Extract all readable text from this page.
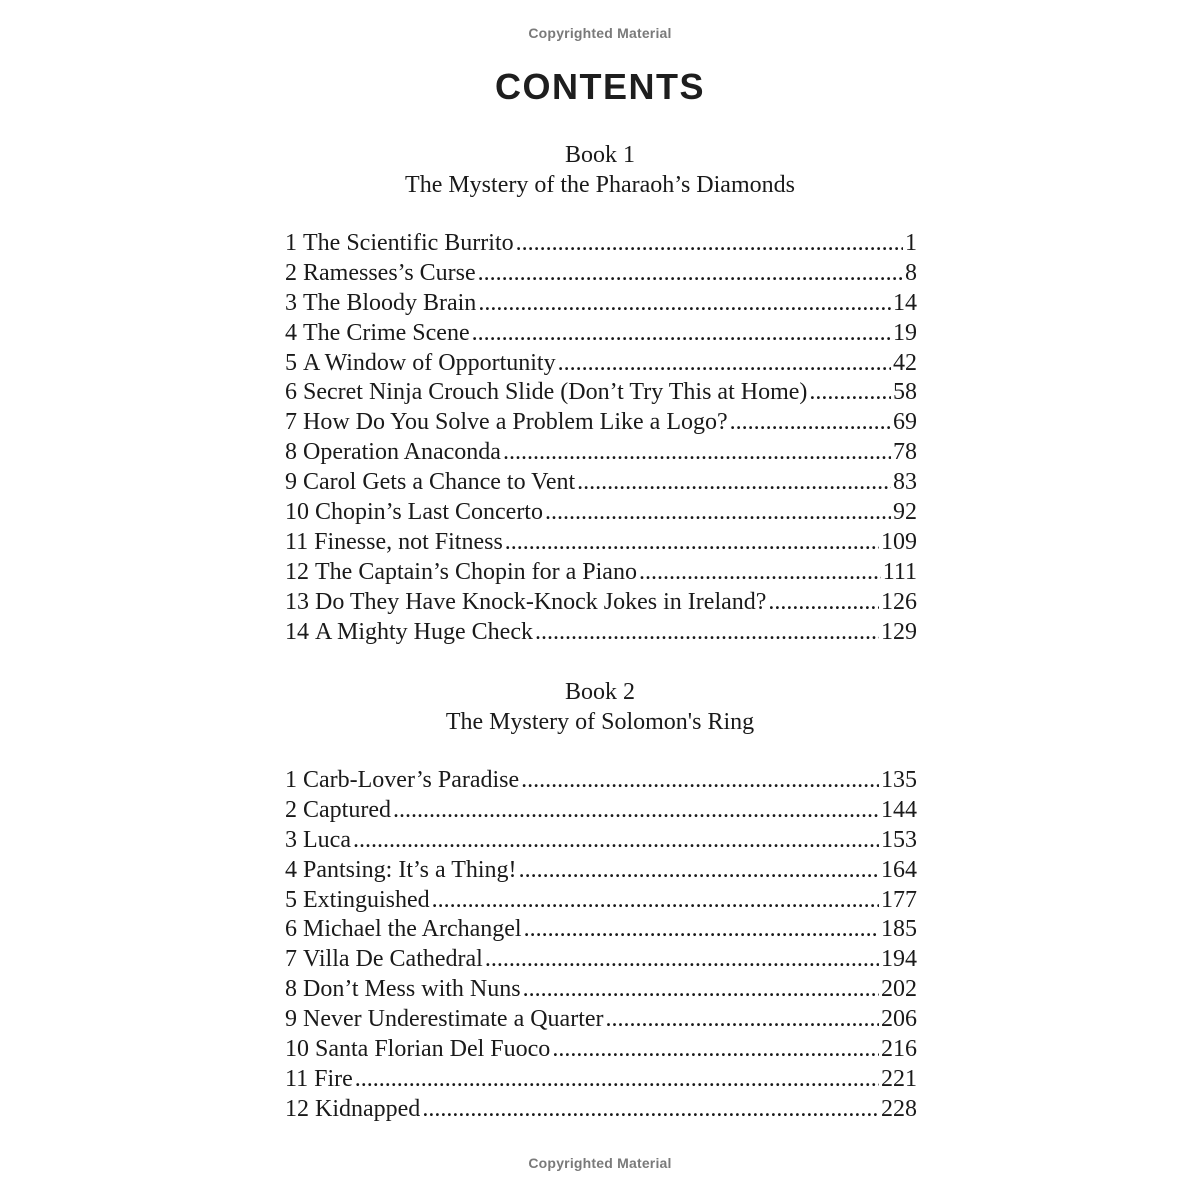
Copyrighted Material
CONTENTS
Book 1
The Mystery of the Pharaoh’s Diamonds
1 The Scientific Burrito .....	1
2 Ramesses’s Curse .....	8
3 The Bloody Brain .....	14
4 The Crime Scene .....	19
5 A Window of Opportunity .....	42
6 Secret Ninja Crouch Slide (Don’t Try This at Home) .....	58
7 How Do You Solve a Problem Like a Logo? .....	69
8 Operation Anaconda .....	78
9 Carol Gets a Chance to Vent .....	83
10 Chopin’s Last Concerto .....	92
11 Finesse, not Fitness .....	109
12 The Captain’s Chopin for a Piano .....	111
13 Do They Have Knock-Knock Jokes in Ireland? .....	126
14 A Mighty Huge Check .....	129
Book 2
The Mystery of Solomon's Ring
1 Carb-Lover’s Paradise .....	135
2 Captured .....	144
3 Luca .....	153
4 Pantsing: It’s a Thing! .....	164
5 Extinguished .....	177
6 Michael the Archangel .....	185
7 Villa De Cathedral .....	194
8 Don’t Mess with Nuns .....	202
9 Never Underestimate a Quarter .....	206
10 Santa Florian Del Fuoco .....	216
11 Fire .....	221
12 Kidnapped .....	228
Copyrighted Material
